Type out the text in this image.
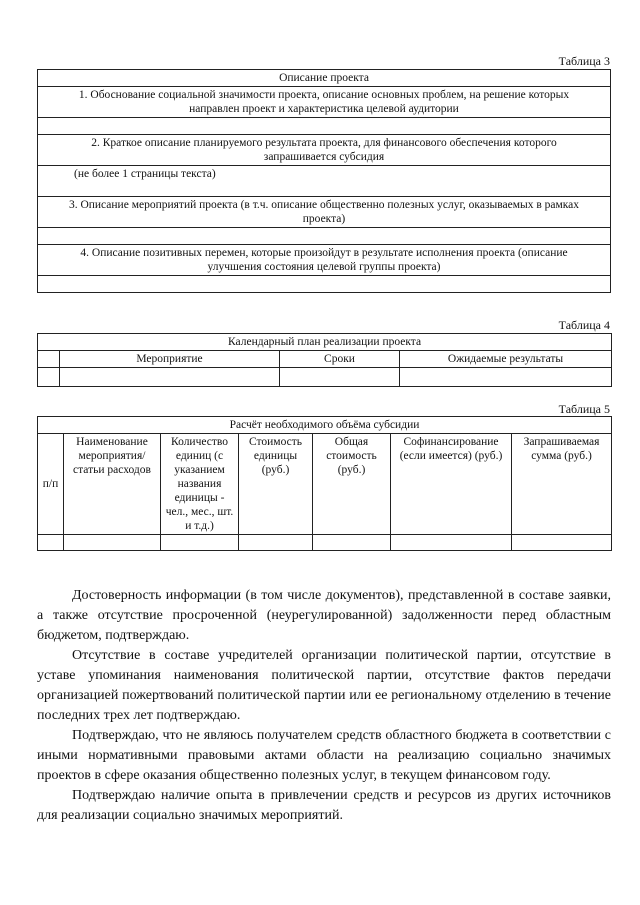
Таблица 3
Описание проекта
1. Обоснование социальной значимости проекта, описание основных проблем, на решение которых направлен проект и характеристика целевой аудитории

2. Краткое описание планируемого результата проекта, для финансового обеспечения которого запрашивается субсидия
(не более 1 страницы текста)
3. Описание мероприятий проекта (в т.ч. описание общественно полезных услуг, оказываемых в рамках проекта)

4. Описание позитивных перемен, которые произойдут в результате исполнения проекта (описание улучшения состояния целевой группы проекта)

Таблица 4
Календарный план реализации проекта			
	Мероприятие	Сроки	Ожидаемые результаты

Таблица 5
Расчёт необходимого объёма субсидии						
п/п	Наименование мероприятия/ статьи расходов	Количество единиц (с указанием названия единицы - чел., мес., шт. и т.д.)	Стоимость единицы (руб.)	Общая стоимость (руб.)	Софинансирование (если имеется) (руб.)	Запрашиваемая сумма (руб.)

Достоверность информации (в том числе документов), представленной в составе заявки, а также отсутствие просроченной (неурегулированной) задолженности перед областным бюджетом, подтверждаю.

Отсутствие в составе учредителей организации политической партии, отсутствие в уставе упоминания наименования политической партии, отсутствие фактов передачи организацией пожертвований политической партии или ее региональному отделению в течение последних трех лет подтверждаю.

Подтверждаю, что не являюсь получателем средств областного бюджета в соответствии с иными нормативными правовыми актами области на реализацию социально значимых проектов в сфере оказания общественно полезных услуг, в текущем финансовом году.

Подтверждаю наличие опыта в привлечении средств и ресурсов из других источников для реализации социально значимых мероприятий.
